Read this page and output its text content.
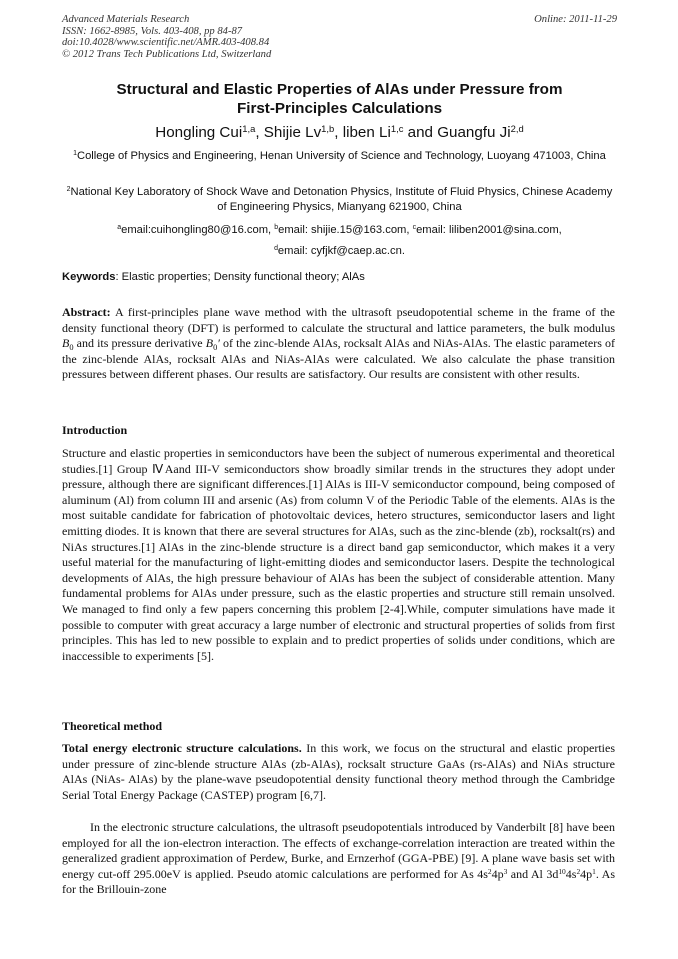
Advanced Materials Research	Online: 2011-11-29
ISSN: 1662-8985, Vols. 403-408, pp 84-87
doi:10.4028/www.scientific.net/AMR.403-408.84
© 2012 Trans Tech Publications Ltd, Switzerland
Structural and Elastic Properties of AlAs under Pressure from
First-Principles Calculations
Hongling Cui$^{1,a}$, Shijie Lv$^{1,b}$, liben Li$^{1,c}$ and Guangfu Ji$^{2,d}$
$^1$College of Physics and Engineering, Henan University of Science and Technology, Luoyang 471003, China
$^2$National Key Laboratory of Shock Wave and Detonation Physics, Institute of Fluid Physics, Chinese Academy of Engineering Physics, Mianyang 621900, China
$^a$email:cuihongling80@16.com, $^b$email: shijie.15@163.com, $^c$email: liliben2001@sina.com,
$^d$email: cyfjkf@caep.ac.cn.
Keywords: Elastic properties; Density functional theory; AlAs
Abstract: A first-principles plane wave method with the ultrasoft pseudopotential scheme in the frame of the density functional theory (DFT) is performed to calculate the structural and lattice parameters, the bulk modulus $B_0$ and its pressure derivative $B_0'$ of the zinc-blende AlAs, rocksalt AlAs and NiAs-AlAs. The elastic parameters of the zinc-blende AlAs, rocksalt AlAs and NiAs-AlAs were calculated. We also calculate the phase transition pressures between different phases. Our results are satisfactory. Our results are consistent with other results.
Introduction
Structure and elastic properties in semiconductors have been the subject of numerous experimental and theoretical studies.[1] Group ⅣAand III-V semiconductors show broadly similar trends in the structures they adopt under pressure, although there are significant differences.[1] AlAs is III-V semiconductor compound, being composed of aluminum (Al) from column III and arsenic (As) from column V of the Periodic Table of the elements. AlAs is the most suitable candidate for fabrication of photovoltaic devices, hetero structures, semiconductor lasers and light emitting diodes. It is known that there are several structures for AlAs, such as the zinc-blende (zb), rocksalt(rs) and NiAs structures.[1] AlAs in the zinc-blende structure is a direct band gap semiconductor, which makes it a very useful material for the manufacturing of light-emitting diodes and semiconductor lasers. Despite the technological developments of AlAs, the high pressure behaviour of AlAs has been the subject of considerable attention. Many fundamental problems for AlAs under pressure, such as the elastic properties and structure still remain unsolved. We managed to find only a few papers concerning this problem [2-4].While, computer simulations have made it possible to computer with great accuracy a large number of electronic and structural properties of solids from first principles. This has led to new possible to explain and to predict properties of solids under conditions, which are inaccessible to experiments [5].
Theoretical method
Total energy electronic structure calculations. In this work, we focus on the structural and elastic properties under pressure of zinc-blende structure AlAs (zb-AlAs), rocksalt structure GaAs (rs-AlAs) and NiAs structure AlAs (NiAs- AlAs) by the plane-wave pseudopotential density functional theory method through the Cambridge Serial Total Energy Package (CASTEP) program [6,7].
In the electronic structure calculations, the ultrasoft pseudopotentials introduced by Vanderbilt [8] have been employed for all the ion-electron interaction. The effects of exchange-correlation interaction are treated within the generalized gradient approximation of Perdew, Burke, and Ernzerhof (GGA-PBE) [9]. A plane wave basis set with energy cut-off 295.00eV is applied. Pseudo atomic calculations are performed for As $4s^24p^3$ and Al $3d^{10}4s^24p^1$. As for the Brillouin-zone
